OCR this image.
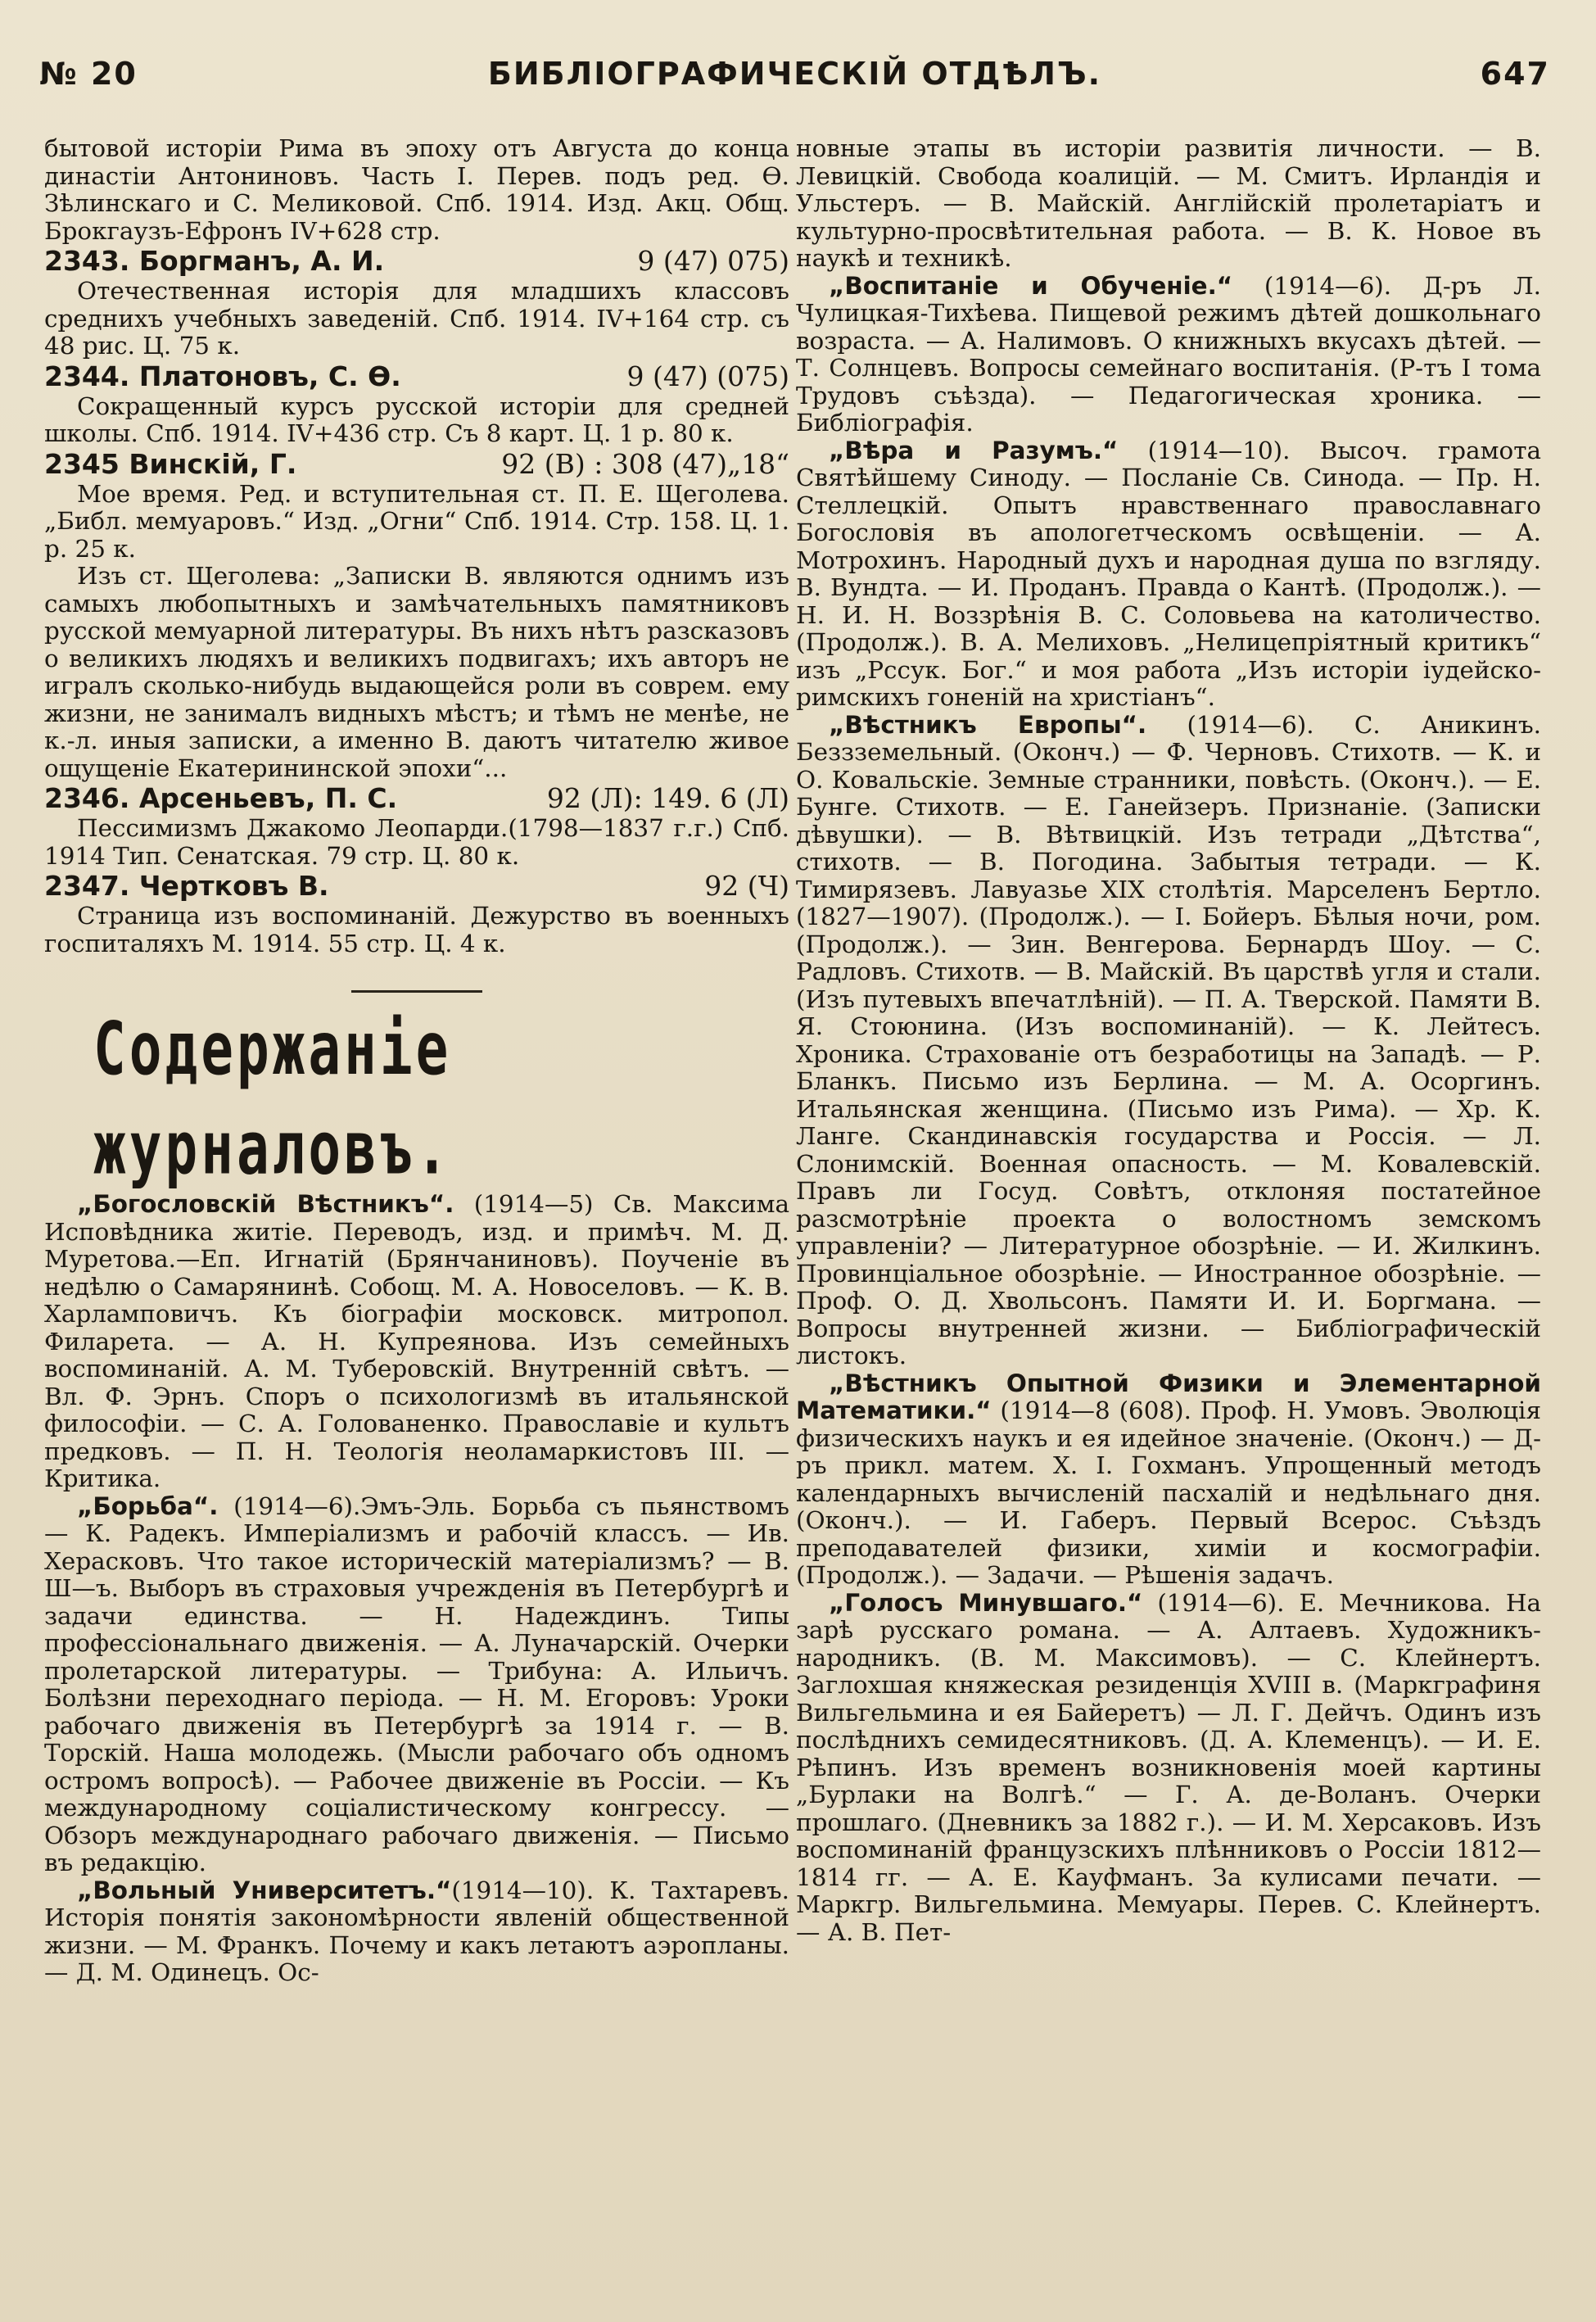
№ 20	БИБЛІОГРАФИЧЕСКІЙ ОТДѢЛЪ.	647

бытовой исторіи Рима въ эпоху отъ Августа до конца династіи Антониновъ. Часть I. Перев. подъ ред. Ѳ. Зѣлинскаго и С. Меликовой. Спб. 1914. Изд. Акц. Общ. Брокгаузъ-Ефронъ IV+628 стр.

2343. Боргманъ, А. И.	9 (47) 075)

Отечественная исторія для младшихъ классовъ среднихъ учебныхъ заведеній. Спб. 1914. IV+164 стр. съ 48 рис. Ц. 75 к.

2344. Платоновъ, С. Ѳ.	9 (47) (075)

Сокращенный курсъ русской исторіи для средней школы. Спб. 1914. IV+436 стр. Съ 8 карт. Ц. 1 р. 80 к.

2345 Винскій, Г.	92 (В) : 308 (47)„18“

Мое время. Ред. и вступительная ст. П. Е. Щеголева. „Библ. мемуаровъ.“ Изд. „Огни“ Спб. 1914. Стр. 158. Ц. 1. р. 25 к.

Изъ ст. Щеголева: „Записки В. являются однимъ изъ самыхъ любопытныхъ и замѣчательныхъ памятниковъ русской мемуарной литературы. Въ нихъ нѣтъ разсказовъ о великихъ людяхъ и великихъ подвигахъ; ихъ авторъ не игралъ сколько-нибудь выдающейся роли въ соврем. ему жизни, не занималъ видныхъ мѣстъ; и тѣмъ не менѣе, не к.-л. иныя записки, а именно В. даютъ читателю живое ощущеніе Екатерининской эпохи“...

2346. Арсеньевъ, П. С.	92 (Л): 149. 6 (Л)

Пессимизмъ Джакомо Леопарди.(1798—1837 г.г.) Спб. 1914 Тип. Сенатская. 79 стр. Ц. 80 к.

2347. Чертковъ В.	92 (Ч)

Страница изъ воспоминаній. Дежурство въ военныхъ госпиталяхъ М. 1914. 55 стр. Ц. 4 к.

Содержаніе журналовъ.

„Богословскій Вѣстникъ“. (1914—5) Св. Максима Исповѣдника житіе. Переводъ, изд. и примѣч. М. Д. Муретова.—Еп. Игнатій (Брянчаниновъ). Поученіе въ недѣлю о Самарянинѣ. Собощ. М. А. Новоселовъ. — К. В. Харламповичъ. Къ біографіи московск. митропол. Филарета. — А. Н. Купреянова. Изъ семейныхъ воспоминаній. А. М. Туберовскій. Внутренній свѣтъ. — Вл. Ф. Эрнъ. Споръ о психологизмѣ въ итальянской философіи. — С. А. Голованенко. Православіе и культъ предковъ. — П. Н. Теологія неоламаркистовъ III. — Критика.

„Борьба“. (1914—6).Эмъ-Эль. Борьба съ пьянствомъ — К. Радекъ. Имперіализмъ и рабочій классъ. — Ив. Херасковъ. Что такое историческій матеріализмъ? — В. Ш—ъ. Выборъ въ страховыя учрежденія въ Петербургѣ и задачи единства. — Н. Надеждинъ. Типы профессіональнаго движенія. — А. Луначарскій. Очерки пролетарской литературы. — Трибуна: А. Ильичъ. Болѣзни переходнаго періода. — Н. М. Егоровъ: Уроки рабочаго движенія въ Петербургѣ за 1914 г. — В. Торскій. Наша молодежь. (Мысли рабочаго объ одномъ остромъ вопросѣ). — Рабочее движеніе въ Россіи. — Къ международному соціалистическому конгрессу. — Обзоръ международнаго рабочаго движенія. — Письмо въ редакцію.

„Вольный Университетъ.“(1914—10). К. Тахтаревъ. Исторія понятія закономѣрности явленій общественной жизни. — М. Франкъ. Почему и какъ летаютъ аэропланы. — Д. М. Одинецъ. Ос-

новные этапы въ исторіи развитія личности. — В. Левицкій. Свобода коалицій. — М. Смитъ. Ирландія и Ульстеръ. — В. Майскій. Англійскій пролетаріатъ и культурно-просвѣтительная работа. — В. К. Новое въ наукѣ и техникѣ.

„Воспитаніе и Обученіе.“ (1914—6). Д-ръ Л. Чулицкая-Тихѣева. Пищевой режимъ дѣтей дошкольнаго возраста. — А. Налимовъ. О книжныхъ вкусахъ дѣтей. — Т. Солнцевъ. Вопросы семейнаго воспитанія. (Р-тъ I тома Трудовъ съѣзда). — Педагогическая хроника. — Библіографія.

„Вѣра и Разумъ.“ (1914—10). Высоч. грамота Святѣйшему Синоду. — Посланіе Св. Синода. — Пр. Н. Стеллецкій. Опытъ нравственнаго православнаго Богословія въ апологетческомъ освѣщеніи. — А. Мотрохинъ. Народный духъ и народная душа по взгляду. В. Вундта. — И. Проданъ. Правда о Кантѣ. (Продолж.). — Н. И. Н. Воззрѣнія В. С. Соловьева на католичество. (Продолж.). В. А. Мелиховъ. „Нелицепріятный критикъ“ изъ „Рссук. Бог.“ и моя работа „Изъ исторіи іудейско-римскихъ гоненій на христіанъ“.

„Вѣстникъ Европы“. (1914—6). С. Аникинъ. Беззземельный. (Оконч.) — Ф. Черновъ. Стихотв. — К. и О. Ковальскіе. Земные странники, повѣсть. (Оконч.). — Е. Бунге. Стихотв. — Е. Ганейзеръ. Признаніе. (Записки дѣвушки). — В. Вѣтвицкій. Изъ тетради „Дѣтства“, стихотв. — В. Погодина. Забытыя тетради. — К. Тимирязевъ. Лавуазье XIX столѣтія. Марселенъ Бертло. (1827—1907). (Продолж.). — I. Бойеръ. Бѣлыя ночи, ром. (Продолж.). — Зин. Венгерова. Бернардъ Шоу. — С. Радловъ. Стихотв. — В. Майскій. Въ царствѣ угля и стали. (Изъ путевыхъ впечатлѣній). — П. А. Тверской. Памяти В. Я. Стоюнина. (Изъ воспоминаній). — К. Лейтесъ. Хроника. Страхованіе отъ безработицы на Западѣ. — Р. Бланкъ. Письмо изъ Берлина. — М. А. Осоргинъ. Итальянская женщина. (Письмо изъ Рима). — Хр. К. Ланге. Скандинавскія государства и Россія. — Л. Слонимскій. Военная опасность. — М. Ковалевскій. Правъ ли Госуд. Совѣтъ, отклоняя постатейное разсмотрѣніе проекта о волостномъ земскомъ управленіи? — Литературное обозрѣніе. — И. Жилкинъ. Провинціальное обозрѣніе. — Иностранное обозрѣніе. — Проф. О. Д. Хвольсонъ. Памяти И. И. Боргмана. — Вопросы внутренней жизни. — Библіографическій листокъ.

„Вѣстникъ Опытной Физики и Элементарной Математики.“ (1914—8 (608). Проф. Н. Умовъ. Эволюція физическихъ наукъ и ея идейное значеніе. (Оконч.) — Д-ръ прикл. матем. Х. I. Гохманъ. Упрощенный методъ календарныхъ вычисленій пасхалій и недѣльнаго дня. (Оконч.). — И. Габеръ. Первый Всерос. Съѣздъ преподавателей физики, химіи и космографіи. (Продолж.). — Задачи. — Рѣшенія задачъ.

„Голосъ Минувшаго.“ (1914—6). Е. Мечникова. На зарѣ русскаго романа. — А. Алтаевъ. Художникъ-народникъ. (В. М. Максимовъ). — С. Клейнертъ. Заглохшая княжеская резиденція XVIII в. (Маркграфиня Вильгельмина и ея Байеретъ) — Л. Г. Дейчъ. Одинъ изъ послѣднихъ семидесятниковъ. (Д. А. Клеменцъ). — И. Е. Рѣпинъ. Изъ временъ возникновенія моей картины „Бурлаки на Волгѣ.“ — Г. А. де-Воланъ. Очерки прошлаго. (Дневникъ за 1882 г.). — И. М. Херсаковъ. Изъ воспоминаній французскихъ плѣнниковъ о Россіи 1812—1814 гг. — А. Е. Кауфманъ. За кулисами печати. — Маркгр. Вильгельмина. Мемуары. Перев. С. Клейнертъ. — А. В. Пет-
